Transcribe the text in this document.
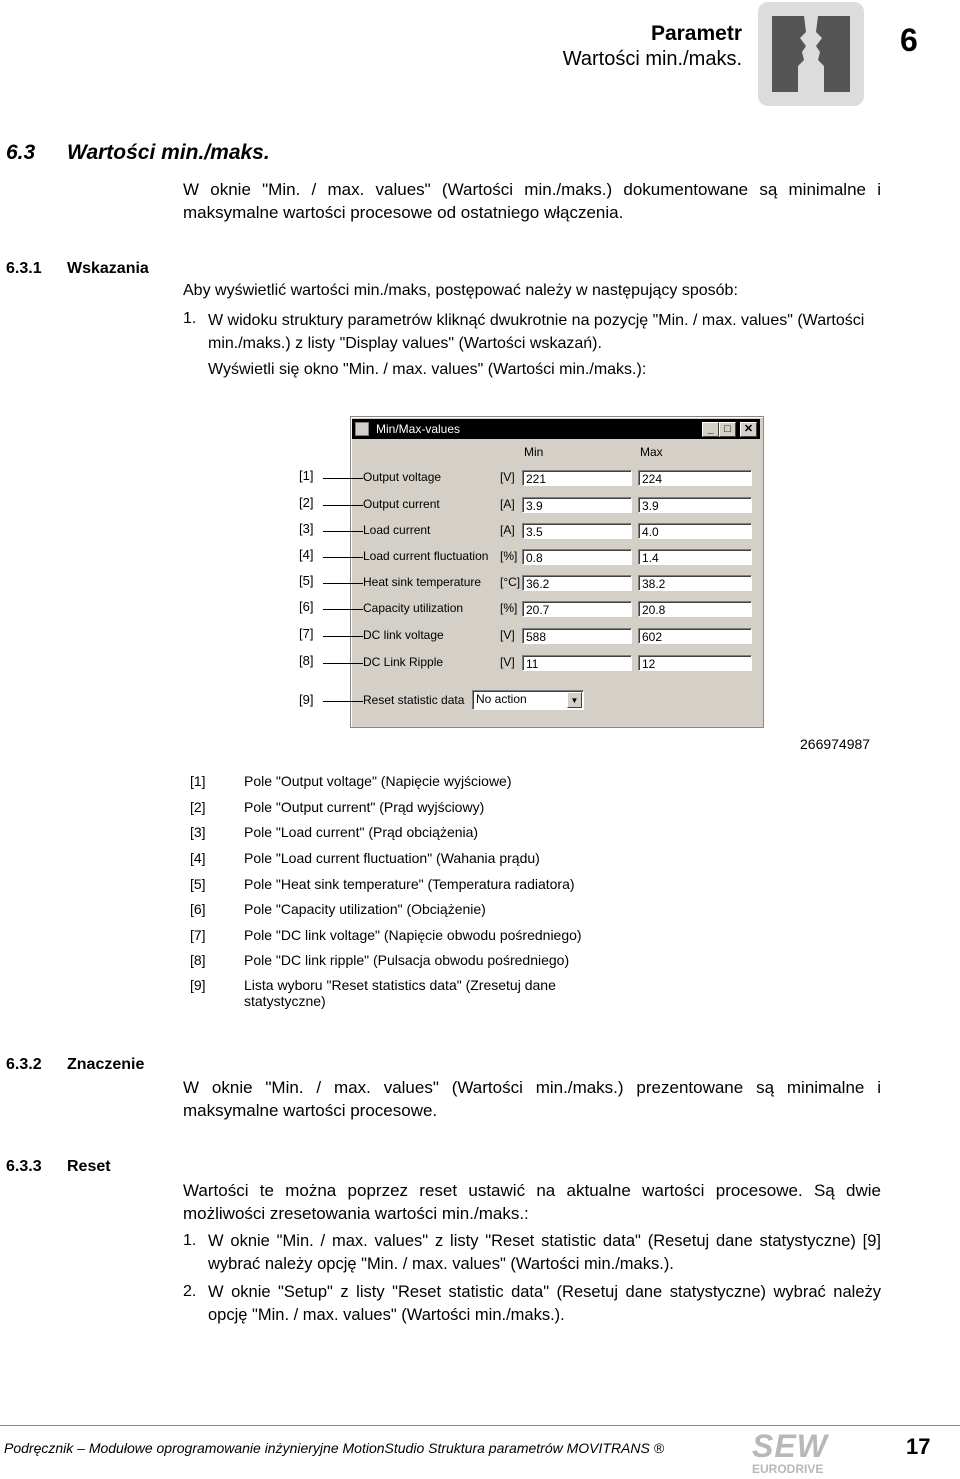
Parametr
Wartości min./maks.
6
6.3 Wartości min./maks.
W oknie "Min. / max. values" (Wartości min./maks.) dokumentowane są minimalne i maksymalne wartości procesowe od ostatniego włączenia.
6.3.1 Wskazania
Aby wyświetlić wartości min./maks, postępować należy w następujący sposób:
1. W widoku struktury parametrów kliknąć dwukrotnie na pozycję "Min. / max. values" (Wartości min./maks.) z listy "Display values" (Wartości wskazań).
Wyświetli się okno "Min. / max. values" (Wartości min./maks.):
Min/Max-values	_ □	✕
Min	Max
[1]	Output voltage	[V] 221	224
[2]	Output current	[A] 3.9	3.9
[3]	Load current	[A] 3.5	4.0
[4]	Load current fluctuation [%] 0.8	1.4
[5]	Heat sink temperature [°C] 36.2	38.2
[6]	Capacity utilization	[%] 20.7	20.8
[7]	DC link voltage	[V] 588	602
[8]	DC Link Ripple	[V] 11	12
[9]	Reset statistic data No action	▼
266974987
[1]	Pole "Output voltage" (Napięcie wyjściowe)
[2]	Pole "Output current" (Prąd wyjściowy)
[3]	Pole "Load current" (Prąd obciążenia)
[4]	Pole "Load current fluctuation" (Wahania prądu)
[5]	Pole "Heat sink temperature" (Temperatura radiatora)
[6]	Pole "Capacity utilization" (Obciążenie)
[7]	Pole "DC link voltage" (Napięcie obwodu pośredniego)
[8]	Pole "DC link ripple" (Pulsacja obwodu pośredniego)
[9]	Lista wyboru "Reset statistics data" (Zresetuj dane statystyczne)
6.3.2 Znaczenie
W oknie "Min. / max. values" (Wartości min./maks.) prezentowane są minimalne i maksymalne wartości procesowe.
6.3.3 Reset
Wartości te można poprzez reset ustawić na aktualne wartości procesowe. Są dwie możliwości zresetowania wartości min./maks.:
1. W oknie "Min. / max. values" z listy "Reset statistic data" (Resetuj dane statystyczne) [9] wybrać należy opcję "Min. / max. values" (Wartości min./maks.).
2. W oknie "Setup" z listy "Reset statistic data" (Resetuj dane statystyczne) wybrać należy opcję "Min. / max. values" (Wartości min./maks.).
Podręcznik – Modułowe oprogramowanie inżynieryjne MotionStudio Struktura parametrów MOVITRANS ®	SEW
EURODRIVE
17
